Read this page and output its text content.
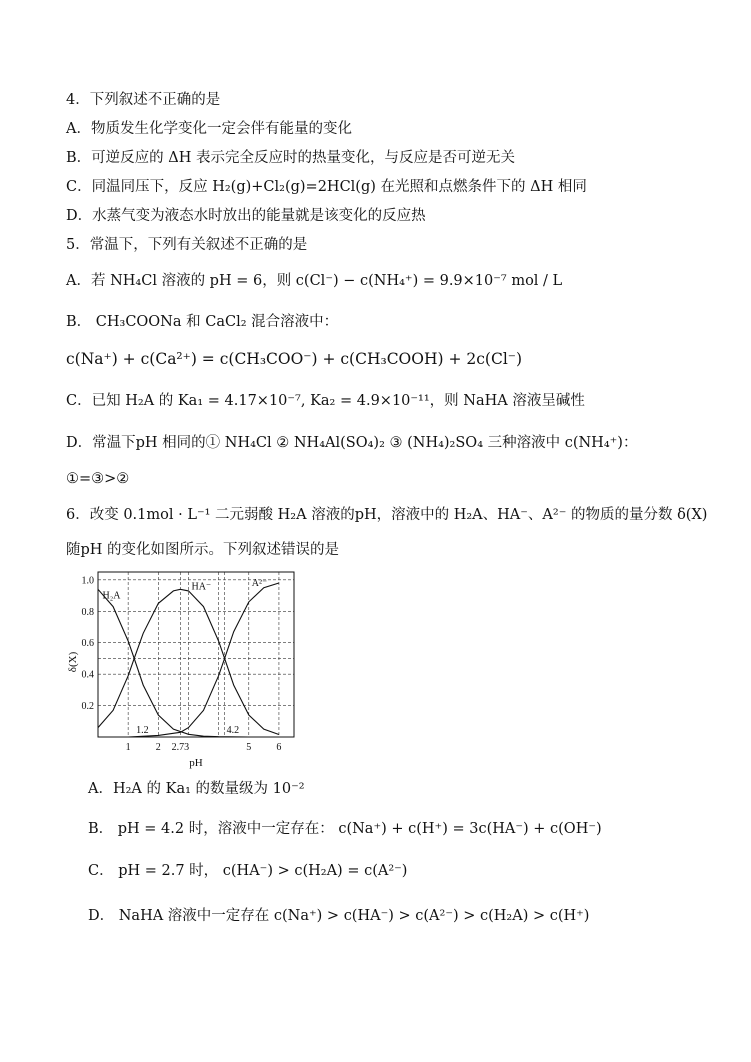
4．下列叙述不正确的是
A．物质发生化学变化一定会伴有能量的变化
B．可逆反应的 ΔH 表示完全反应时的热量变化，与反应是否可逆无关
C．同温同压下，反应 H₂(g)+Cl₂(g)=2HCl(g) 在光照和点燃条件下的 ΔH 相同
D．水蒸气变为液态水时放出的能量就是该变化的反应热
5．常温下，下列有关叙述不正确的是
A．若 NH₄Cl 溶液的 pH = 6，则 c(Cl⁻) − c(NH₄⁺) = 9.9×10⁻⁷ mol / L
B． CH₃COONa 和 CaCl₂ 混合溶液中：
c(Na⁺) + c(Ca²⁺) = c(CH₃COO⁻) + c(CH₃COOH) + 2c(Cl⁻)
C．已知 H₂A 的 Ka₁ = 4.17×10⁻⁷, Ka₂ = 4.9×10⁻¹¹，则 NaHA 溶液呈碱性
D．常温下pH 相同的① NH₄Cl ② NH₄Al(SO₄)₂ ③ (NH₄)₂SO₄ 三种溶液中 c(NH₄⁺)：
①=③>②
6．改变 0.1mol · L⁻¹ 二元弱酸 H₂A 溶液的pH，溶液中的 H₂A、HA⁻、A²⁻ 的物质的量分数 δ(X)
随pH 的变化如图所示。下列叙述错误的是
1.0
0.8
0.6
0.4
0.2
1	2 2.73	5	6
H₂A
HA⁻	A²⁻
1.2	4.2
pH
δ(X)
A．H₂A 的 Ka₁ 的数量级为 10⁻²
B． pH = 4.2 时，溶液中一定存在： c(Na⁺) + c(H⁺) = 3c(HA⁻) + c(OH⁻)
C． pH = 2.7 时， c(HA⁻) > c(H₂A) = c(A²⁻)
D． NaHA 溶液中一定存在 c(Na⁺) > c(HA⁻) > c(A²⁻) > c(H₂A) > c(H⁺)
